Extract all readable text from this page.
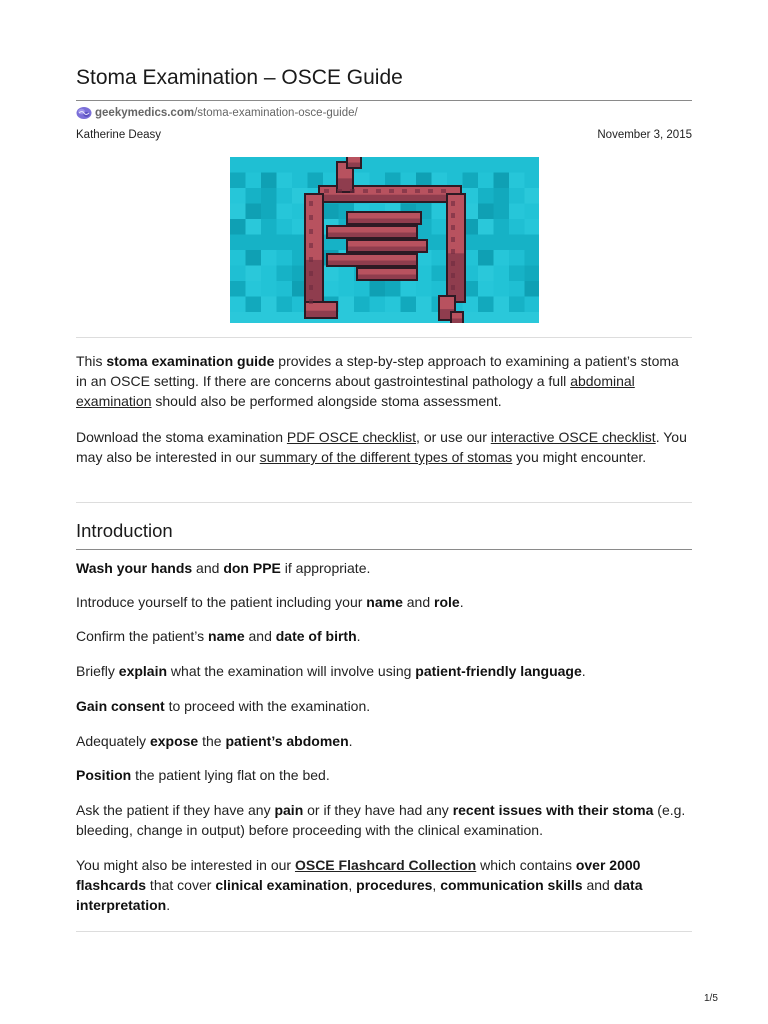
Stoma Examination – OSCE Guide
geekymedics.com /stoma-examination-osce-guide/
Katherine Deasy	November 3, 2015

This stoma examination guide provides a step-by-step approach to examining a patient’s stoma in an OSCE setting. If there are concerns about gastrointestinal pathology a full abdominal examination should also be performed alongside stoma assessment.

Download the stoma examination PDF OSCE checklist, or use our interactive OSCE checklist. You may also be interested in our summary of the different types of stomas you might encounter.

Introduction

Wash your hands and don PPE if appropriate.

Introduce yourself to the patient including your name and role.

Confirm the patient’s name and date of birth.

Briefly explain what the examination will involve using patient-friendly language.

Gain consent to proceed with the examination.

Adequately expose the patient’s abdomen.

Position the patient lying flat on the bed.

Ask the patient if they have any pain or if they have had any recent issues with their stoma (e.g. bleeding, change in output) before proceeding with the clinical examination.

You might also be interested in our OSCE Flashcard Collection which contains over 2000 flashcards that cover clinical examination, procedures, communication skills and data interpretation.

1/5
